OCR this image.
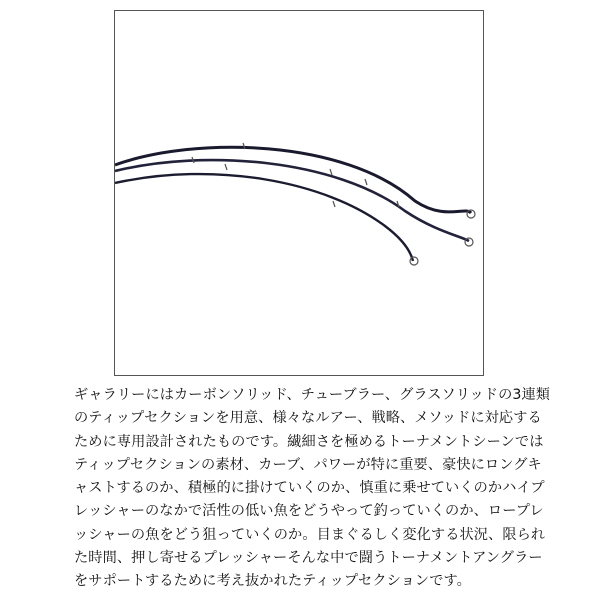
ギャラリーにはカーボンソリッド、チューブラー、グラスソリッドの3連類
のティップセクションを用意、様々なルアー、戦略、メソッドに対応する
ために専用設計されたものです。繊細さを極めるトーナメントシーンでは
ティップセクションの素材、カーブ、パワーが特に重要、豪快にロングキ
ャストするのか、積極的に掛けていくのか、慎重に乗せていくのかハイプ
レッシャーのなかで活性の低い魚をどうやって釣っていくのか、ロープレ
ッシャーの魚をどう狙っていくのか。目まぐるしく変化する状況、限られ
た時間、押し寄せるプレッシャーそんな中で闘うトーナメントアングラー
をサポートするために考え抜かれたティップセクションです。
